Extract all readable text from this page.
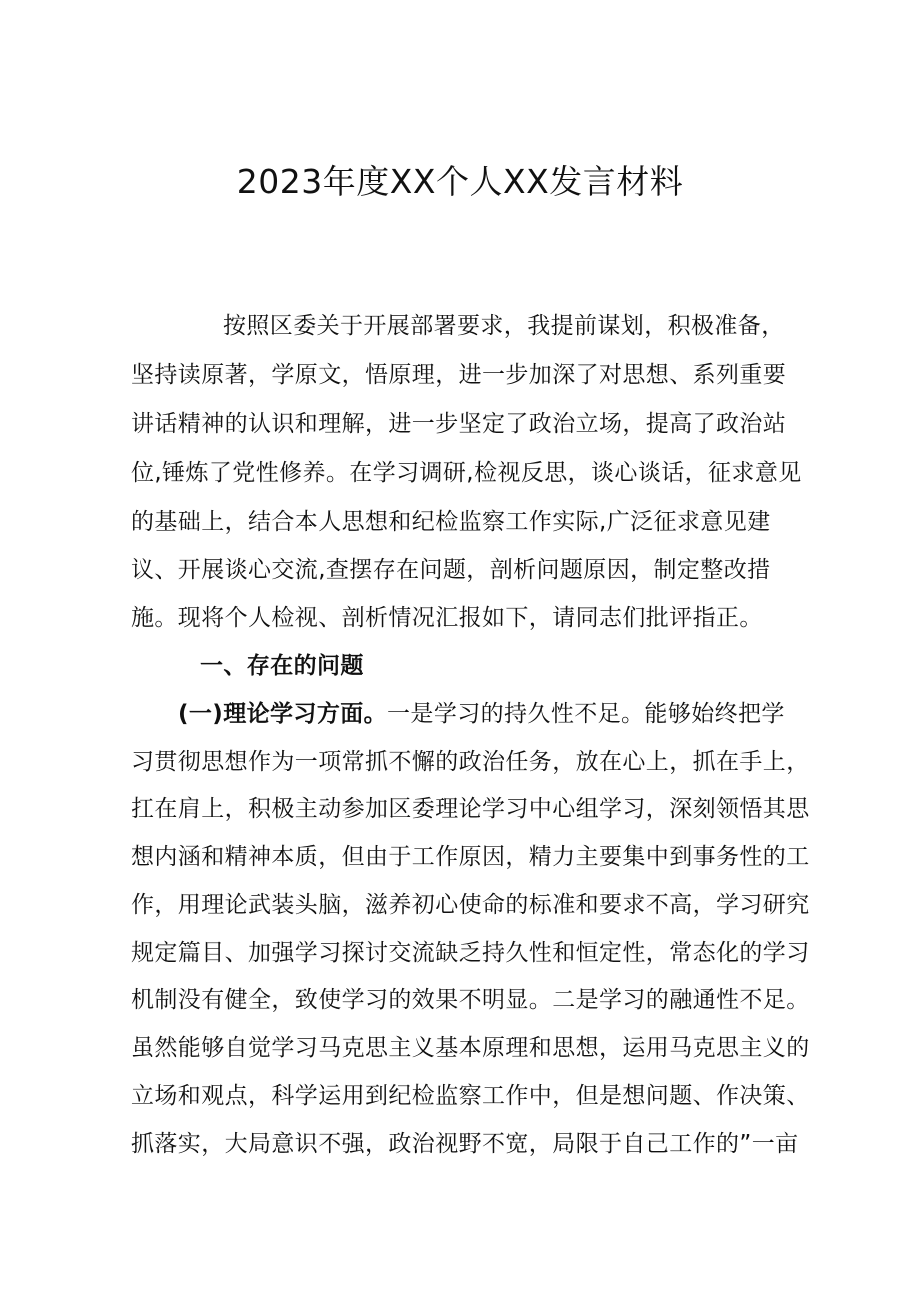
2023年度XX个人XX发言材料
按照区委关于开展部署要求，我提前谋划，积极准备，
坚持读原著，学原文，悟原理，进一步加深了对思想、系列重要
讲话精神的认识和理解，进一步坚定了政治立场，提高了政治站
位,锤炼了党性修养。在学习调研,检视反思，谈心谈话，征求意见
的基础上，结合本人思想和纪检监察工作实际,广泛征求意见建
议、开展谈心交流,查摆存在问题，剖析问题原因，制定整改措
施。现将个人检视、剖析情况汇报如下，请同志们批评指正。
一、存在的问题
(一)理论学习方面。一是学习的持久性不足。能够始终把学
习贯彻思想作为一项常抓不懈的政治任务，放在心上，抓在手上，
扛在肩上，积极主动参加区委理论学习中心组学习，深刻领悟其思
想内涵和精神本质，但由于工作原因，精力主要集中到事务性的工
作，用理论武装头脑，滋养初心使命的标准和要求不高，学习研究
规定篇目、加强学习探讨交流缺乏持久性和恒定性，常态化的学习
机制没有健全，致使学习的效果不明显。二是学习的融通性不足。
虽然能够自觉学习马克思主义基本原理和思想，运用马克思主义的
立场和观点，科学运用到纪检监察工作中，但是想问题、作决策、
抓落实，大局意识不强，政治视野不宽，局限于自己工作的”一亩
